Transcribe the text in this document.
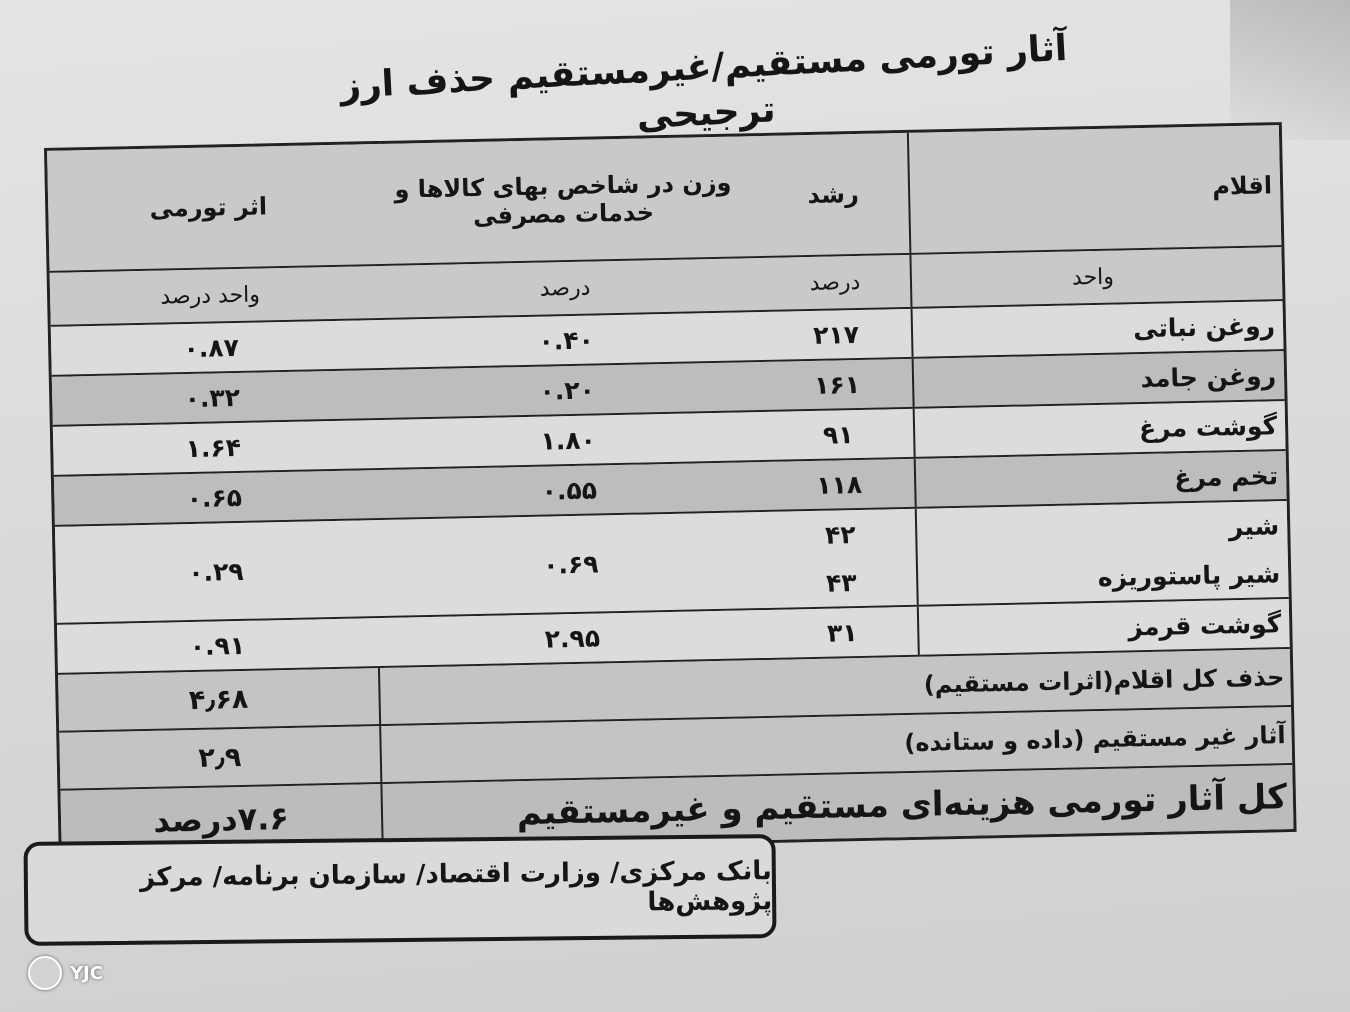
آثار تورمی مستقیم/غیرمستقیم حذف ارز ترجیحی
اقلام
رشد
وزن در شاخص بهای کالاها و خدمات مصرفی
اثر تورمی
واحد
درصد
درصد
واحد درصد
روغن نباتی
۲۱۷
۰.۴۰
۰.۸۷
روغن جامد
۱۶۱
۰.۲۰
۰.۳۲
گوشت مرغ
۹۱
۱.۸۰
۱.۶۴
تخم مرغ
۱۱۸
۰.۵۵
۰.۶۵
شیر
شیر پاستوریزه
۴۲
۴۳
۰.۶۹
۰.۲۹
گوشت قرمز
۳۱
۲.۹۵
۰.۹۱
حذف کل اقلام(اثرات مستقیم)
۴٫۶۸
آثار غیر مستقیم (داده و ستانده)
۲٫۹
کل آثار تورمی هزینه‌ای مستقیم و غیرمستقیم
۷.۶درصد
بانک مرکزی/ وزارت اقتصاد/ سازمان برنامه/ مرکز پژوهش‌ها
YJC
